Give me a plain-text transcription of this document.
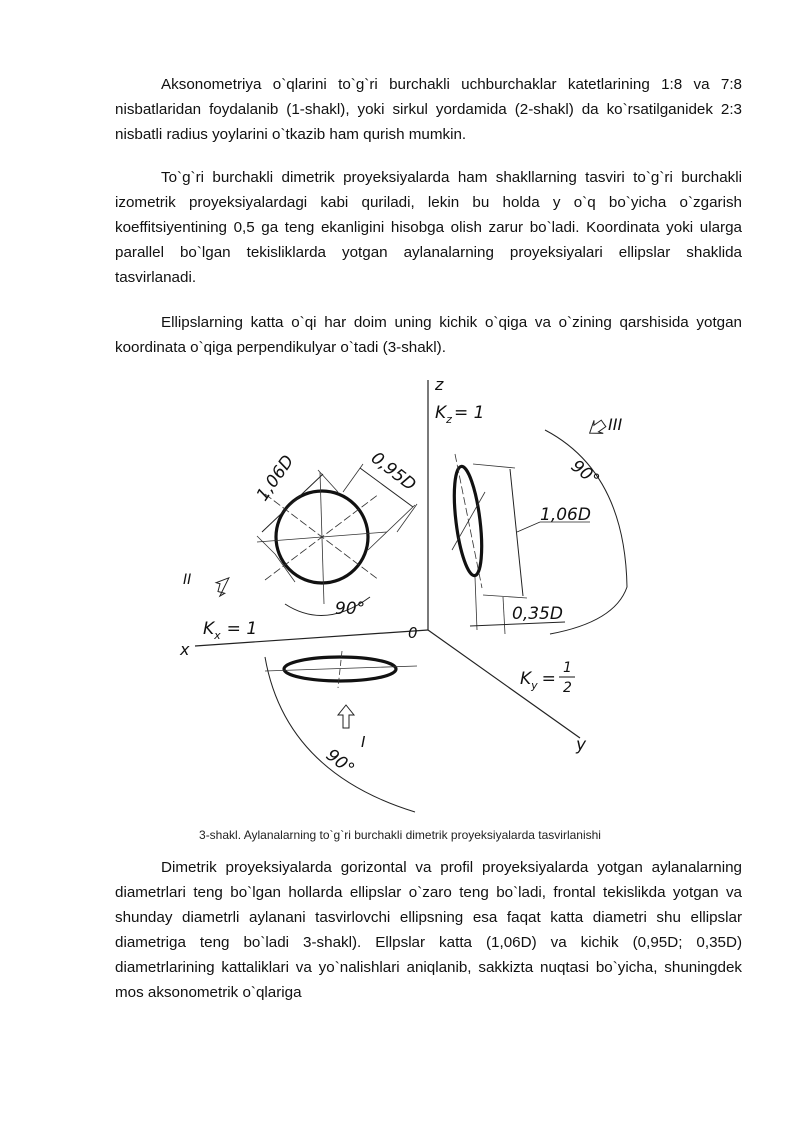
Aksonometriya o`qlarini to`g`ri burchakli uchburchaklar katetlarining 1:8 va 7:8 nisbatlaridan foydalanib (1-shakl), yoki sirkul yordamida (2-shakl) da ko`rsatilganidek 2:3 nisbatli radius yoylarini o`tkazib ham qurish mumkin.

To`g`ri burchakli dimetrik proyeksiyalarda ham shakllarning tasviri to`g`ri burchakli izometrik proyeksiyalardagi kabi quriladi, lekin bu holda y o`q bo`yicha o`zgarish koeffitsiyentining 0,5 ga teng ekanligini hisobga olish zarur bo`ladi. Koordinata yoki ularga parallel bo`lgan tekisliklarda yotgan aylanalarning proyeksiyalari ellipslar shaklida tasvirlanadi.

Ellipslarning katta o`qi har doim uning kichik o`qiga va o`zining qarshisida yotgan koordinata o`qiga perpendikulyar o`tadi (3-shakl).

z
$K_z = 1$
III
1,06D	0,95D	90°
1,06D
II
90°	0,35D
$K_x = 1$	0
x
$K_y$ =
1
2
I	y
90°
3-shakl. Aylanalarning to`g`ri burchakli dimetrik proyeksiyalarda tasvirlanishi

Dimetrik proyeksiyalarda gorizontal va profil proyeksiyalarda yotgan aylanalarning diametrlari teng bo`lgan hollarda ellipslar o`zaro teng bo`ladi, frontal tekislikda yotgan va shunday diametrli aylanani tasvirlovchi ellipsning esa faqat katta diametri shu ellipslar diametriga teng bo`ladi 3-shakl). Ellpslar katta (1,06D) va kichik (0,95D; 0,35D) diametrlarining kattaliklari va yo`nalishlari aniqlanib, sakkizta nuqtasi bo`yicha, shuningdek mos aksonometrik o`qlariga
